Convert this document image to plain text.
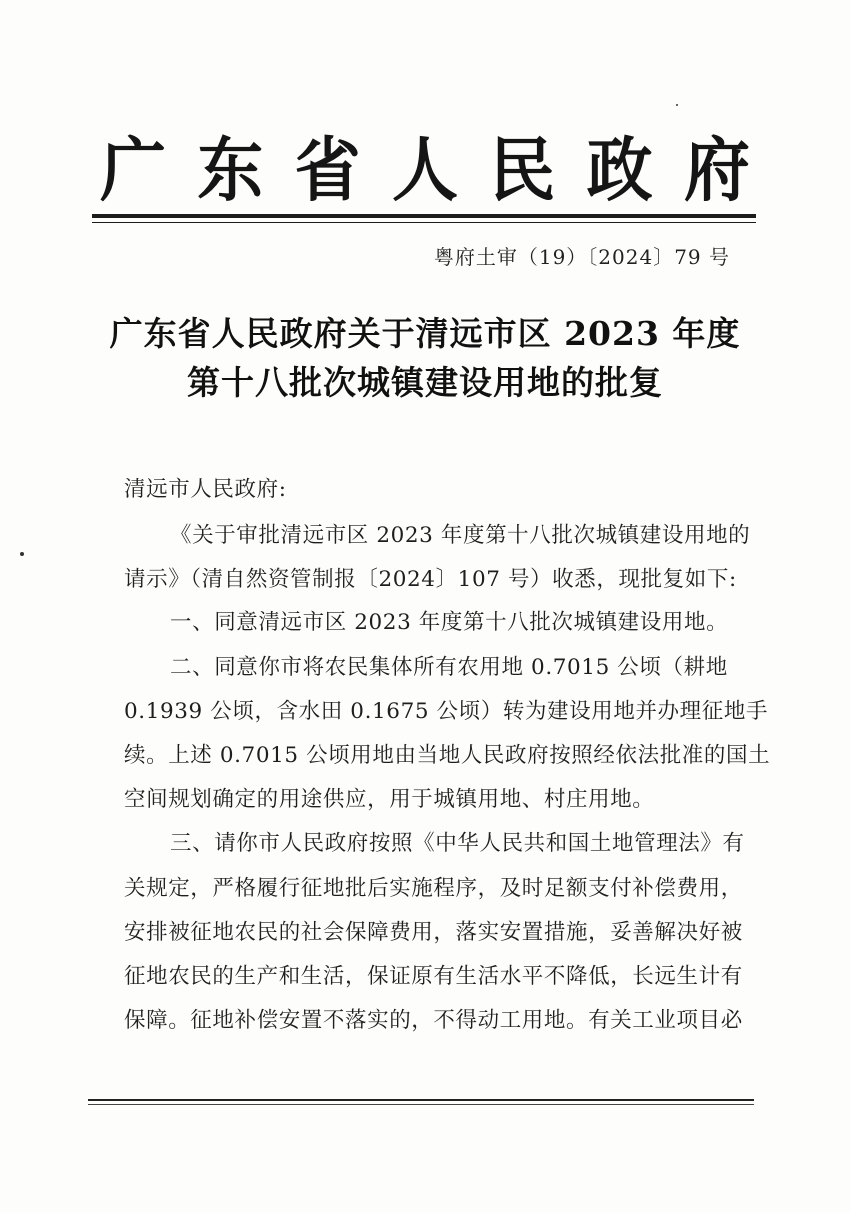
广 东 省 人 民 政 府
粤府土审（19）〔2024〕79 号
广东省人民政府关于清远市区 2023 年度
第十八批次城镇建设用地的批复
清远市人民政府:
《关于审批清远市区 2023 年度第十八批次城镇建设用地的
请示》（清自然资管制报〔2024〕107 号）收悉，现批复如下:
一、同意清远市区 2023 年度第十八批次城镇建设用地。
二、同意你市将农民集体所有农用地 0.7015 公顷（耕地
0.1939 公顷，含水田 0.1675 公顷）转为建设用地并办理征地手
续。上述 0.7015 公顷用地由当地人民政府按照经依法批准的国土
空间规划确定的用途供应，用于城镇用地、村庄用地。
三、请你市人民政府按照《中华人民共和国土地管理法》有
关规定，严格履行征地批后实施程序，及时足额支付补偿费用，
安排被征地农民的社会保障费用，落实安置措施，妥善解决好被
征地农民的生产和生活，保证原有生活水平不降低，长远生计有
保障。征地补偿安置不落实的，不得动工用地。有关工业项目必
